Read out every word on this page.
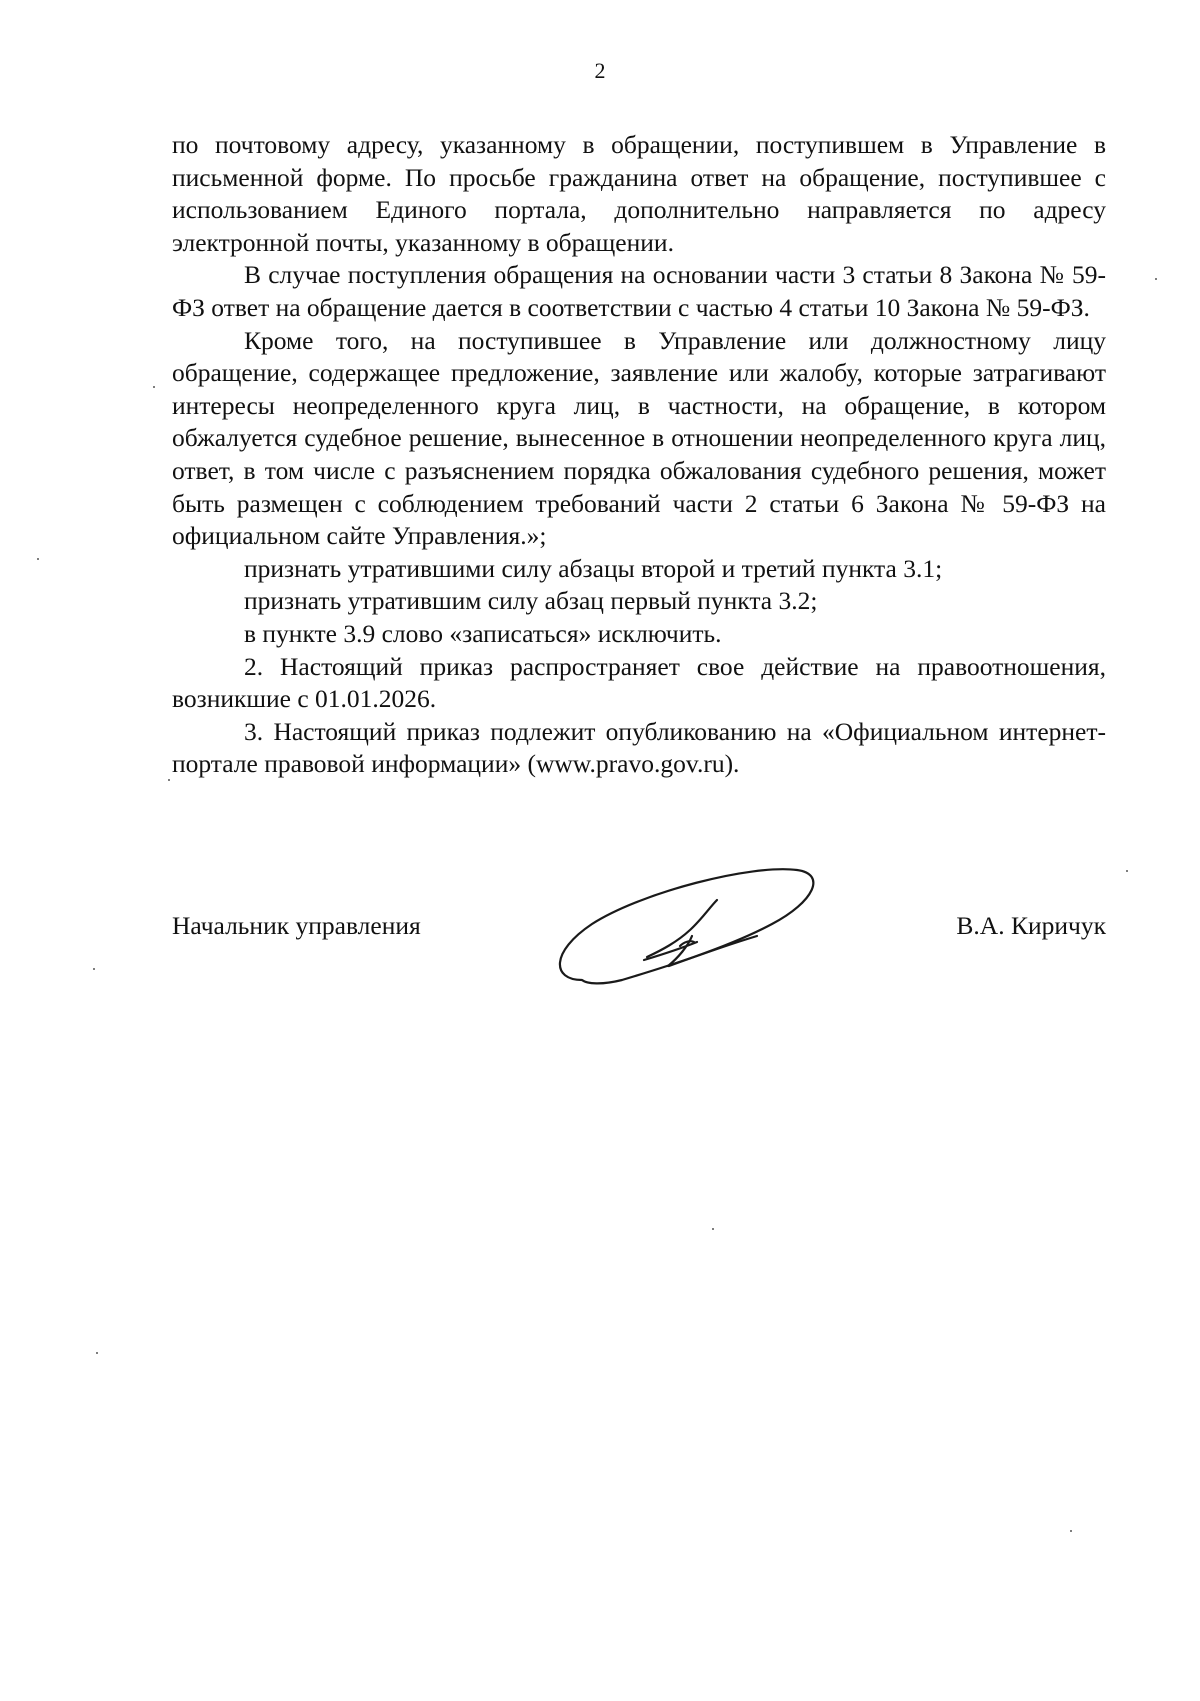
2

по почтовому адресу, указанному в обращении, поступившем в Управление в письменной форме. По просьбе гражданина ответ на обращение, поступившее с использованием Единого портала, дополнительно направляется по адресу электронной почты, указанному в обращении.

В случае поступления обращения на основании части 3 статьи 8 Закона № 59-ФЗ ответ на обращение дается в соответствии с частью 4 статьи 10 Закона № 59-ФЗ.

Кроме того, на поступившее в Управление или должностному лицу обращение, содержащее предложение, заявление или жалобу, которые затрагивают интересы неопределенного круга лиц, в частности, на обращение, в котором обжалуется судебное решение, вынесенное в отношении неопределенного круга лиц, ответ, в том числе с разъяснением порядка обжалования судебного решения, может быть размещен с соблюдением требований части 2 статьи 6 Закона № 59-ФЗ на официальном сайте Управления.»;

признать утратившими силу абзацы второй и третий пункта 3.1;

признать утратившим силу абзац первый пункта 3.2;

в пункте 3.9 слово «записаться» исключить.

2. Настоящий приказ распространяет свое действие на правоотношения, возникшие с 01.01.2026.

3. Настоящий приказ подлежит опубликованию на «Официальном интернет-портале правовой информации» (www.pravo.gov.ru).

Начальник управления	В.А. Киричук
